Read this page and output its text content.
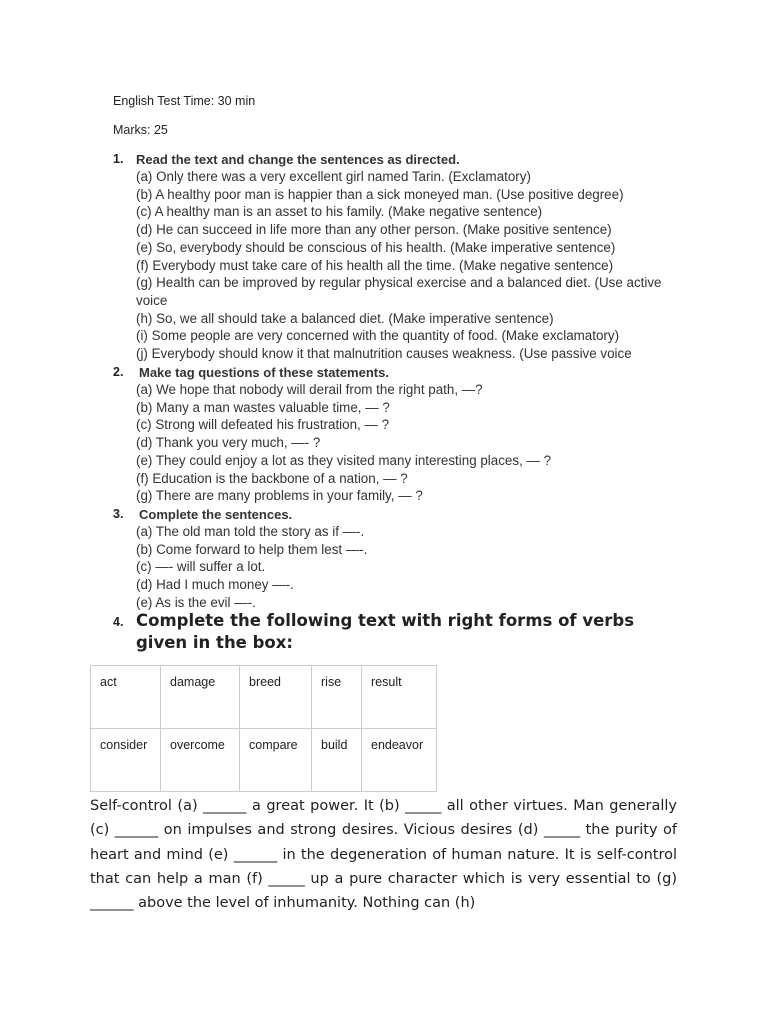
English Test Time: 30 min
Marks: 25
1. Read the text and change the sentences as directed.
(a) Only there was a very excellent girl named Tarin. (Exclamatory)
(b) A healthy poor man is happier than a sick moneyed man. (Use positive degree)
(c) A healthy man is an asset to his family. (Make negative sentence)
(d) He can succeed in life more than any other person. (Make positive sentence)
(e) So, everybody should be conscious of his health. (Make imperative sentence)
(f) Everybody must take care of his health all the time. (Make negative sentence)
(g) Health can be improved by regular physical exercise and a balanced diet. (Use active voice
(h) So, we all should take a balanced diet. (Make imperative sentence)
(i) Some people are very concerned with the quantity of food. (Make exclamatory)
(j) Everybody should know it that malnutrition causes weakness. (Use passive voice
2. Make tag questions of these statements.
(a) We hope that nobody will derail from the right path, —?
(b) Many a man wastes valuable time, — ?
(c) Strong will defeated his frustration, — ?
(d) Thank you very much, —- ?
(e) They could enjoy a lot as they visited many interesting places, — ?
(f) Education is the backbone of a nation, — ?
(g) There are many problems in your family, — ?
3. Complete the sentences.
(a) The old man told the story as if —-.
(b) Come forward to help them lest —-.
(c) —- will suffer a lot.
(d) Had I much money —-.
(e) As is the evil —-.
4. Complete the following text with right forms of verbs given in the box:
act	damage	breed	rise	result
consider	overcome	compare	build	endeavor

Self-control (a) ______ a great power. It (b) _____ all other virtues. Man generally (c) ______ on impulses and strong desires. Vicious desires (d) _____ the purity of heart and mind (e) ______ in the degeneration of human nature. It is self-control that can help a man (f) _____ up a pure character which is very essential to (g) ______ above the level of inhumanity. Nothing can (h)
